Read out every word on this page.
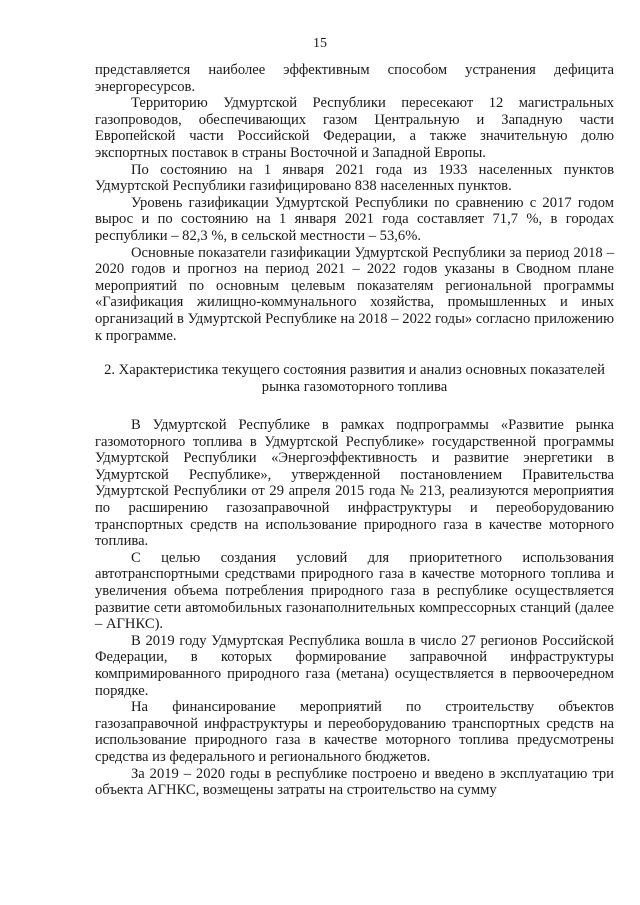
15

представляется наиболее эффективным способом устранения дефицита энергоресурсов.

Территорию Удмуртской Республики пересекают 12 магистральных газопроводов, обеспечивающих газом Центральную и Западную части Европейской части Российской Федерации, а также значительную долю экспортных поставок в страны Восточной и Западной Европы.

По состоянию на 1 января 2021 года из 1933 населенных пунктов Удмуртской Республики газифицировано 838 населенных пунктов.

Уровень газификации Удмуртской Республики по сравнению с 2017 годом вырос и по состоянию на 1 января 2021 года составляет 71,7 %, в городах республики – 82,3 %, в сельской местности – 53,6%.

Основные показатели газификации Удмуртской Республики за период 2018 – 2020 годов и прогноз на период 2021 – 2022 годов указаны в Сводном плане мероприятий по основным целевым показателям региональной программы «Газификация жилищно-коммунального хозяйства, промышленных и иных организаций в Удмуртской Республике на 2018 – 2022 годы» согласно приложению к программе.

2. Характеристика текущего состояния развития и анализ основных показателей рынка газомоторного топлива

В Удмуртской Республике в рамках подпрограммы «Развитие рынка газомоторного топлива в Удмуртской Республике» государственной программы Удмуртской Республики «Энергоэффективность и развитие энергетики в Удмуртской Республике», утвержденной постановлением Правительства Удмуртской Республики от 29 апреля 2015 года № 213, реализуются мероприятия по расширению газозаправочной инфраструктуры и переоборудованию транспортных средств на использование природного газа в качестве моторного топлива.

С целью создания условий для приоритетного использования автотранспортными средствами природного газа в качестве моторного топлива и увеличения объема потребления природного газа в республике осуществляется развитие сети автомобильных газонаполнительных компрессорных станций (далее – АГНКС).

В 2019 году Удмуртская Республика вошла в число 27 регионов Российской Федерации, в которых формирование заправочной инфраструктуры компримированного природного газа (метана) осуществляется в первоочередном порядке.

На финансирование мероприятий по строительству объектов газозаправочной инфраструктуры и переоборудованию транспортных средств на использование природного газа в качестве моторного топлива предусмотрены средства из федерального и регионального бюджетов.

За 2019 – 2020 годы в республике построено и введено в эксплуатацию три объекта АГНКС, возмещены затраты на строительство на сумму
